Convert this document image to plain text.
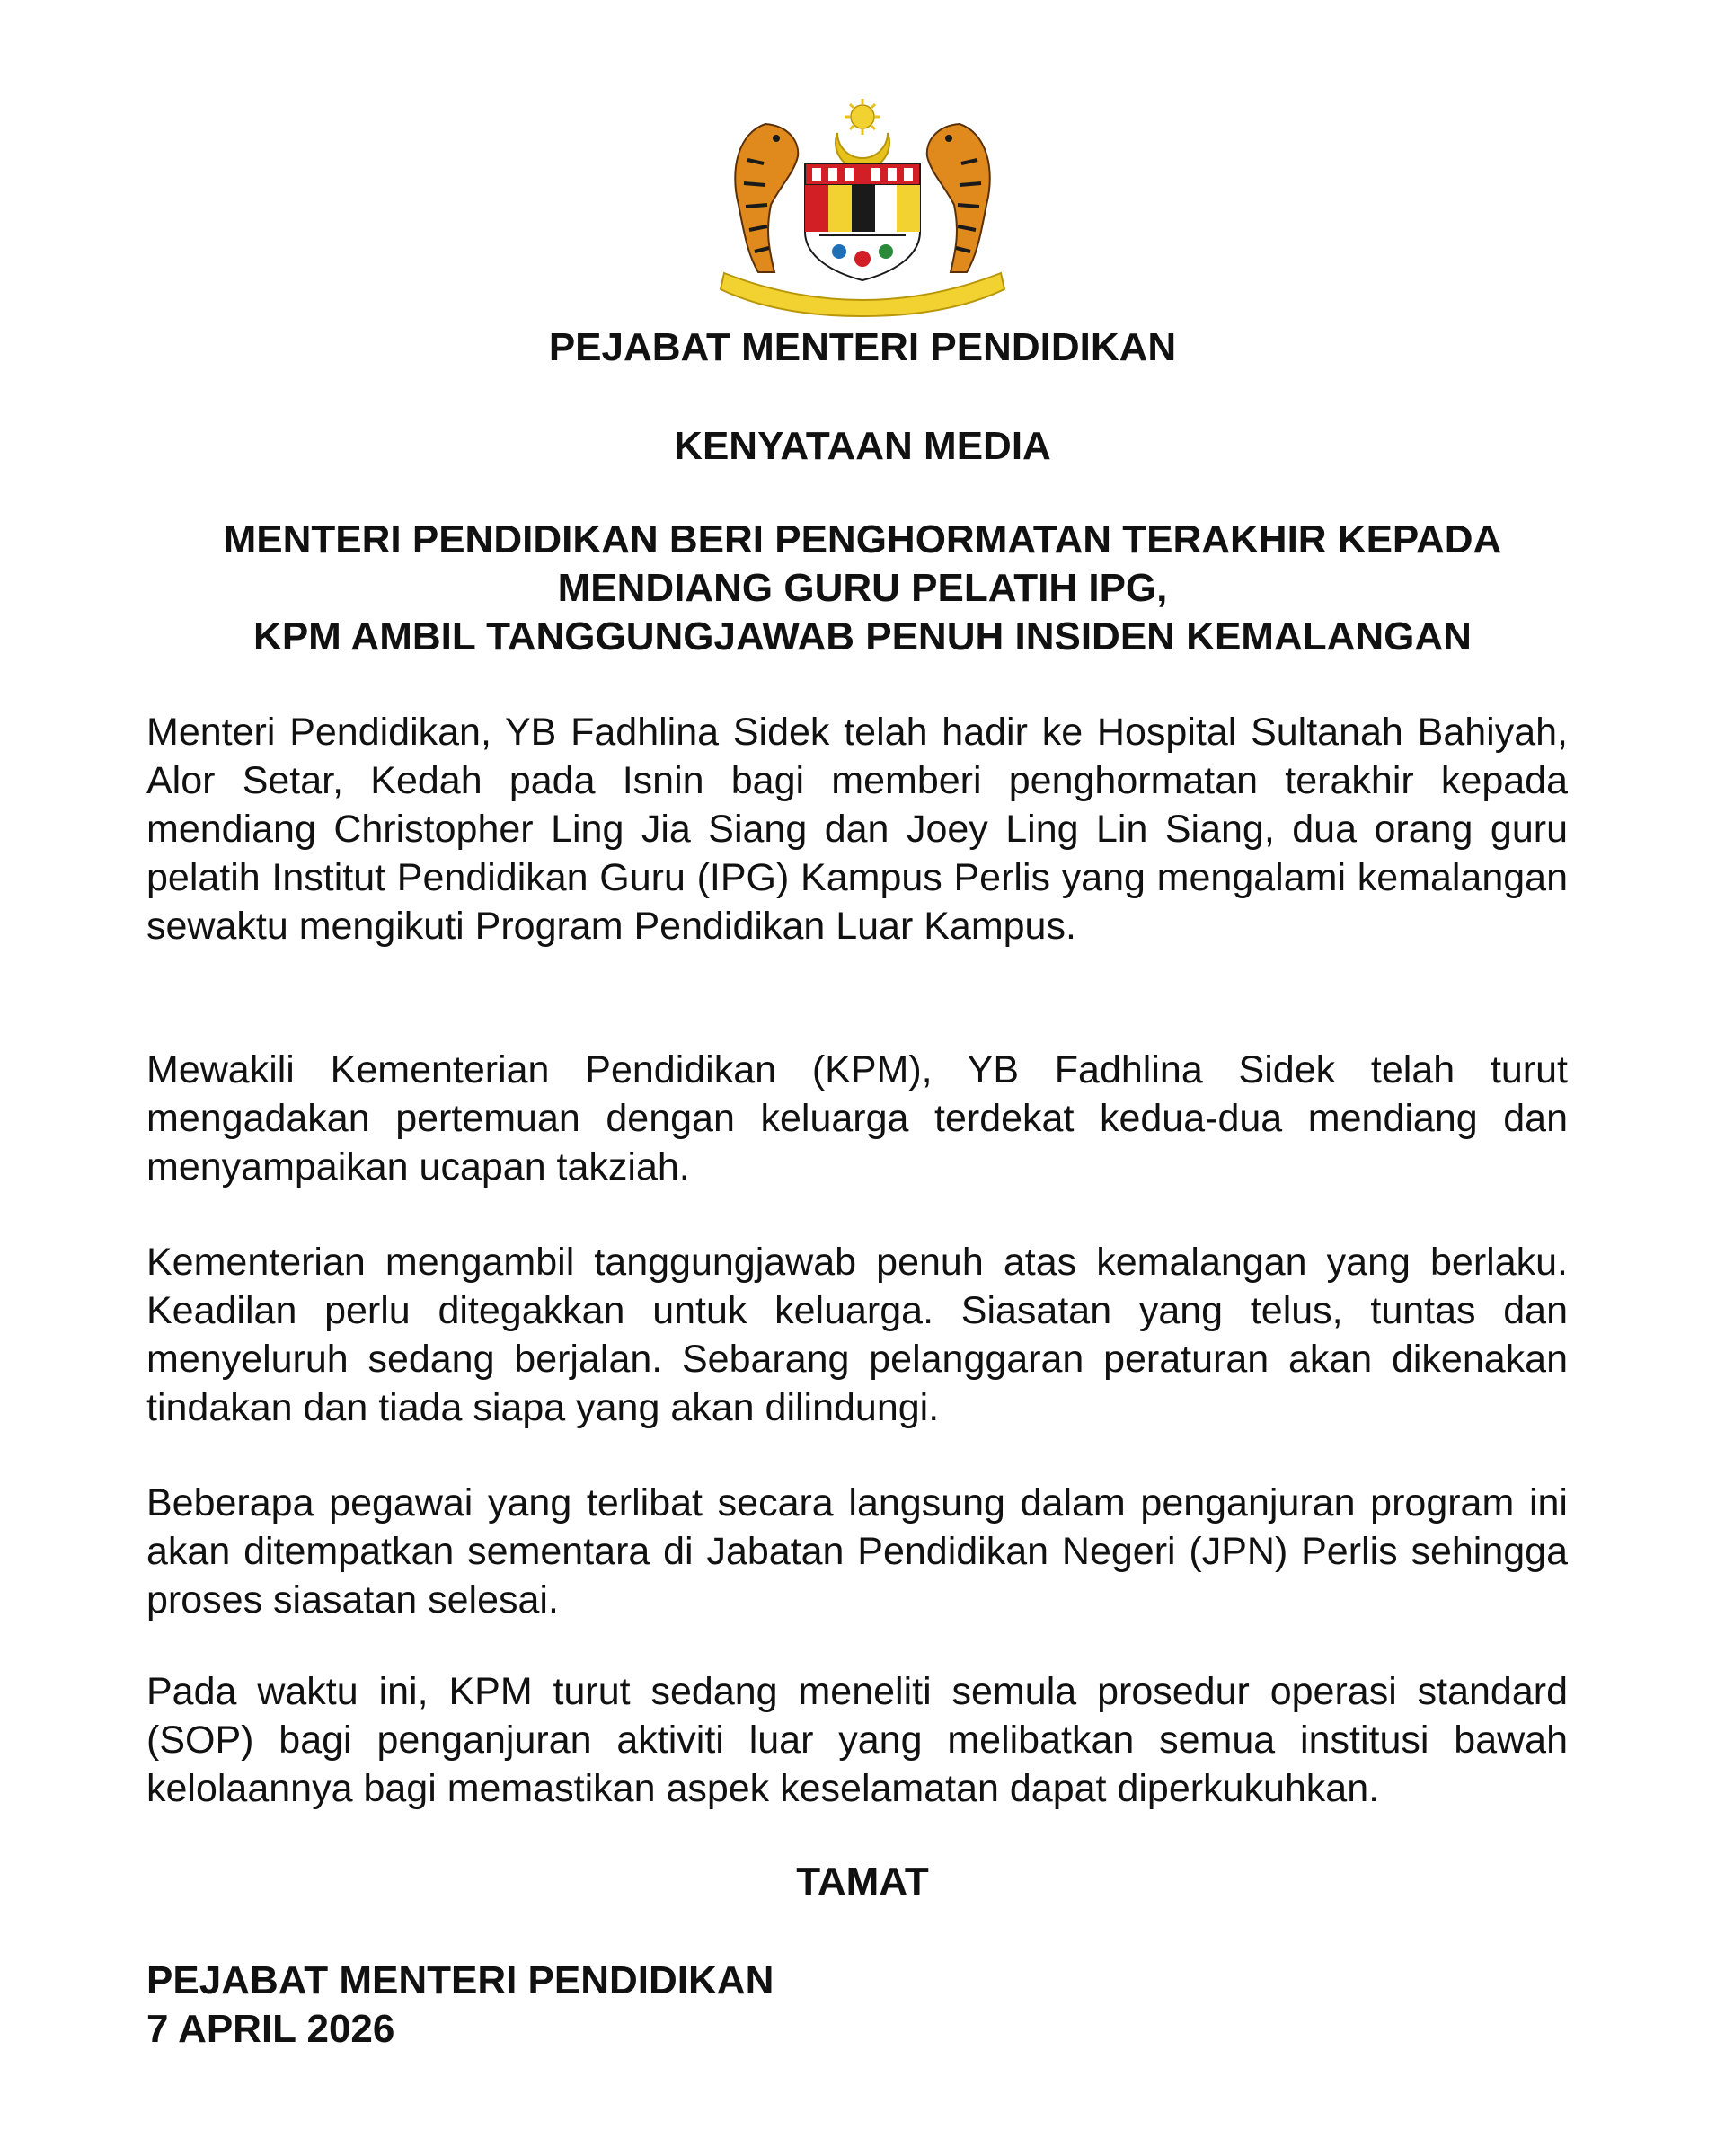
PEJABAT MENTERI PENDIDIKAN
KENYATAAN MEDIA
MENTERI PENDIDIKAN BERI PENGHORMATAN TERAKHIR KEPADA
MENDIANG GURU PELATIH IPG,
KPM AMBIL TANGGUNGJAWAB PENUH INSIDEN KEMALANGAN

Menteri Pendidikan, YB Fadhlina Sidek telah hadir ke Hospital Sultanah Bahiyah, Alor Setar, Kedah pada Isnin bagi memberi penghormatan terakhir kepada mendiang Christopher Ling Jia Siang dan Joey Ling Lin Siang, dua orang guru pelatih Institut Pendidikan Guru (IPG) Kampus Perlis yang mengalami kemalangan sewaktu mengikuti Program Pendidikan Luar Kampus.

Mewakili Kementerian Pendidikan (KPM), YB Fadhlina Sidek telah turut mengadakan pertemuan dengan keluarga terdekat kedua-dua mendiang dan menyampaikan ucapan takziah.

Kementerian mengambil tanggungjawab penuh atas kemalangan yang berlaku. Keadilan perlu ditegakkan untuk keluarga. Siasatan yang telus, tuntas dan menyeluruh sedang berjalan. Sebarang pelanggaran peraturan akan dikenakan tindakan dan tiada siapa yang akan dilindungi.

Beberapa pegawai yang terlibat secara langsung dalam penganjuran program ini akan ditempatkan sementara di Jabatan Pendidikan Negeri (JPN) Perlis sehingga proses siasatan selesai.

Pada waktu ini, KPM turut sedang meneliti semula prosedur operasi standard (SOP) bagi penganjuran aktiviti luar yang melibatkan semua institusi bawah kelolaannya bagi memastikan aspek keselamatan dapat diperkukuhkan.

TAMAT
PEJABAT MENTERI PENDIDIKAN
7 APRIL 2026
